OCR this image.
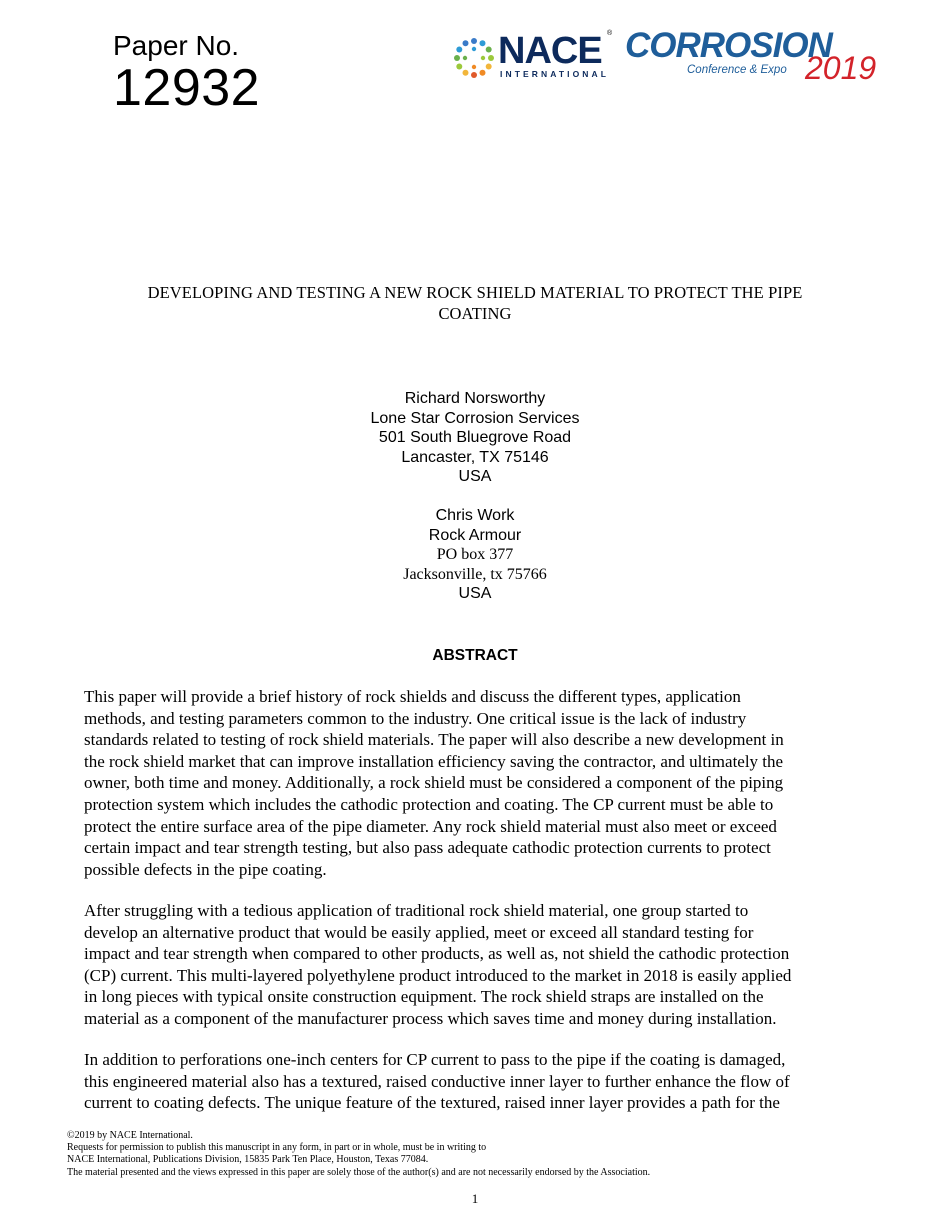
Paper No.
12932
NACE ®
INTERNATIONAL
CORROSION
Conference & Expo 2019
DEVELOPING AND TESTING A NEW ROCK SHIELD MATERIAL TO PROTECT THE PIPE
COATING
Richard Norsworthy
Lone Star Corrosion Services
501 South Bluegrove Road
Lancaster, TX 75146
USA
Chris Work
Rock Armour
PO box 377
Jacksonville, tx 75766
USA
ABSTRACT

This paper will provide a brief history of rock shields and discuss the different types, application
methods, and testing parameters common to the industry. One critical issue is the lack of industry
standards related to testing of rock shield materials. The paper will also describe a new development in
the rock shield market that can improve installation efficiency saving the contractor, and ultimately the
owner, both time and money. Additionally, a rock shield must be considered a component of the piping
protection system which includes the cathodic protection and coating. The CP current must be able to
protect the entire surface area of the pipe diameter. Any rock shield material must also meet or exceed
certain impact and tear strength testing, but also pass adequate cathodic protection currents to protect
possible defects in the pipe coating.

After struggling with a tedious application of traditional rock shield material, one group started to
develop an alternative product that would be easily applied, meet or exceed all standard testing for
impact and tear strength when compared to other products, as well as, not shield the cathodic protection
(CP) current. This multi-layered polyethylene product introduced to the market in 2018 is easily applied
in long pieces with typical onsite construction equipment. The rock shield straps are installed on the
material as a component of the manufacturer process which saves time and money during installation.

In addition to perforations one-inch centers for CP current to pass to the pipe if the coating is damaged,
this engineered material also has a textured, raised conductive inner layer to further enhance the flow of
current to coating defects. The unique feature of the textured, raised inner layer provides a path for the

©2019 by NACE International.
Requests for permission to publish this manuscript in any form, in part or in whole, must be in writing to
NACE International, Publications Division, 15835 Park Ten Place, Houston, Texas 77084.
The material presented and the views expressed in this paper are solely those of the author(s) and are not necessarily endorsed by the Association.
1
